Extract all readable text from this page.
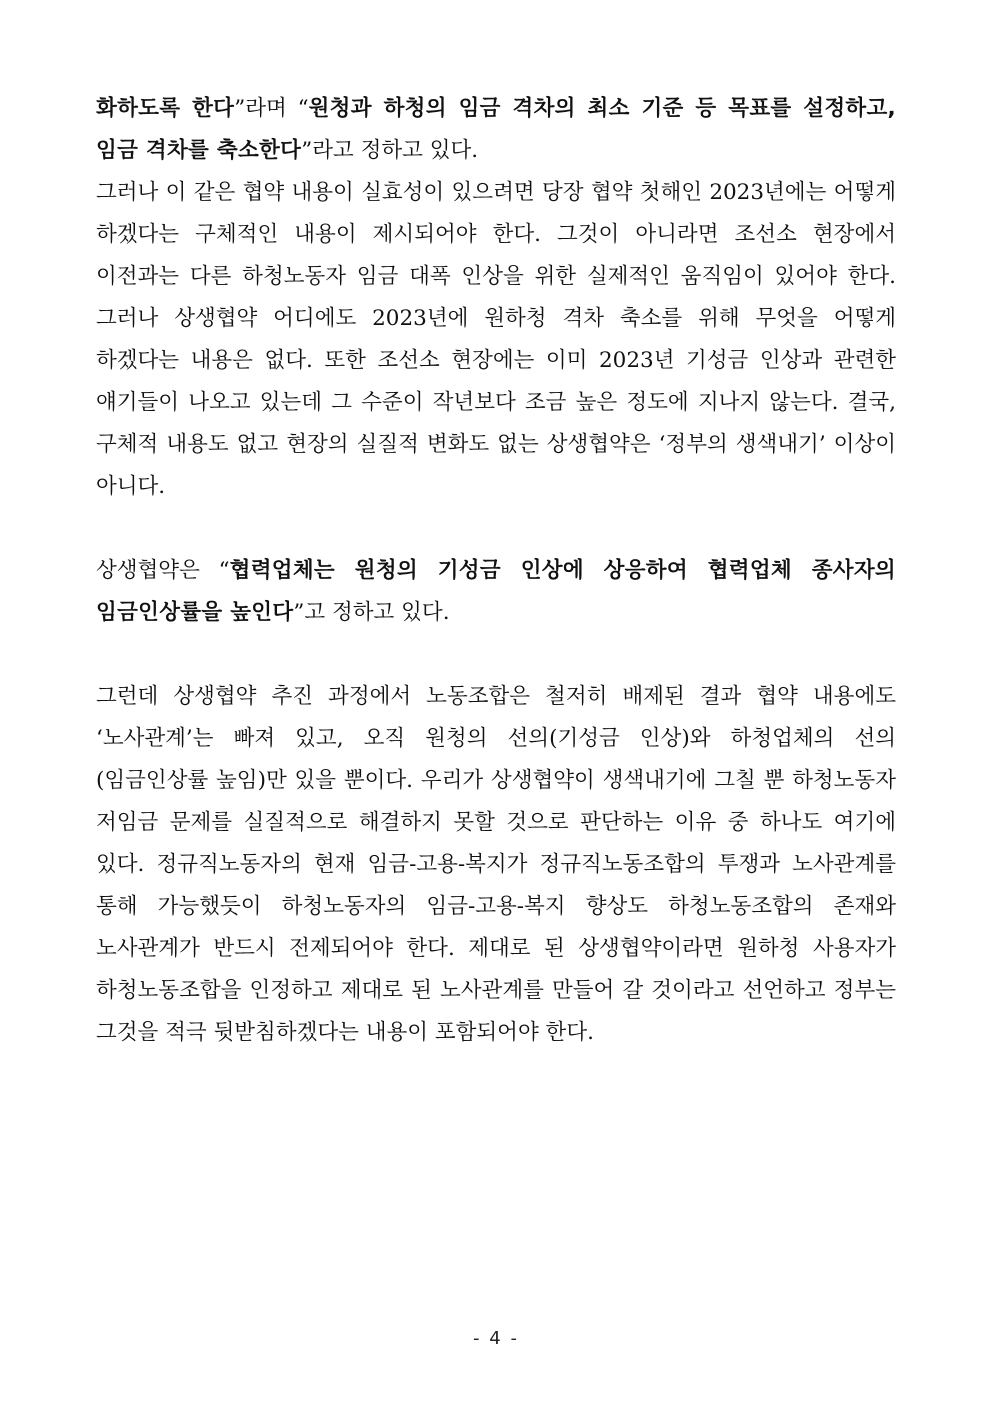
화하도록 한다”라며 “원청과 하청의 임금 격차의 최소 기준 등 목표를 설정하고, 임금 격차를 축소한다”라고 정하고 있다.

그러나 이 같은 협약 내용이 실효성이 있으려면 당장 협약 첫해인 2023년에는 어떻게 하겠다는 구체적인 내용이 제시되어야 한다. 그것이 아니라면 조선소 현장에서 이전과는 다른 하청노동자 임금 대폭 인상을 위한 실제적인 움직임이 있어야 한다. 그러나 상생협약 어디에도 2023년에 원하청 격차 축소를 위해 무엇을 어떻게 하겠다는 내용은 없다. 또한 조선소 현장에는 이미 2023년 기성금 인상과 관련한 얘기들이 나오고 있는데 그 수준이 작년보다 조금 높은 정도에 지나지 않는다. 결국, 구체적 내용도 없고 현장의 실질적 변화도 없는 상생협약은 ‘정부의 생색내기’ 이상이 아니다.

상생협약은 “협력업체는 원청의 기성금 인상에 상응하여 협력업체 종사자의 임금인상률을 높인다”고 정하고 있다.

그런데 상생협약 추진 과정에서 노동조합은 철저히 배제된 결과 협약 내용에도 ‘노사관계’는 빠져 있고, 오직 원청의 선의(기성금 인상)와 하청업체의 선의(임금인상률 높임)만 있을 뿐이다. 우리가 상생협약이 생색내기에 그칠 뿐 하청노동자 저임금 문제를 실질적으로 해결하지 못할 것으로 판단하는 이유 중 하나도 여기에 있다. 정규직노동자의 현재 임금-고용-복지가 정규직노동조합의 투쟁과 노사관계를 통해 가능했듯이 하청노동자의 임금-고용-복지 향상도 하청노동조합의 존재와 노사관계가 반드시 전제되어야 한다. 제대로 된 상생협약이라면 원하청 사용자가 하청노동조합을 인정하고 제대로 된 노사관계를 만들어 갈 것이라고 선언하고 정부는 그것을 적극 뒷받침하겠다는 내용이 포함되어야 한다.

- 4 -
